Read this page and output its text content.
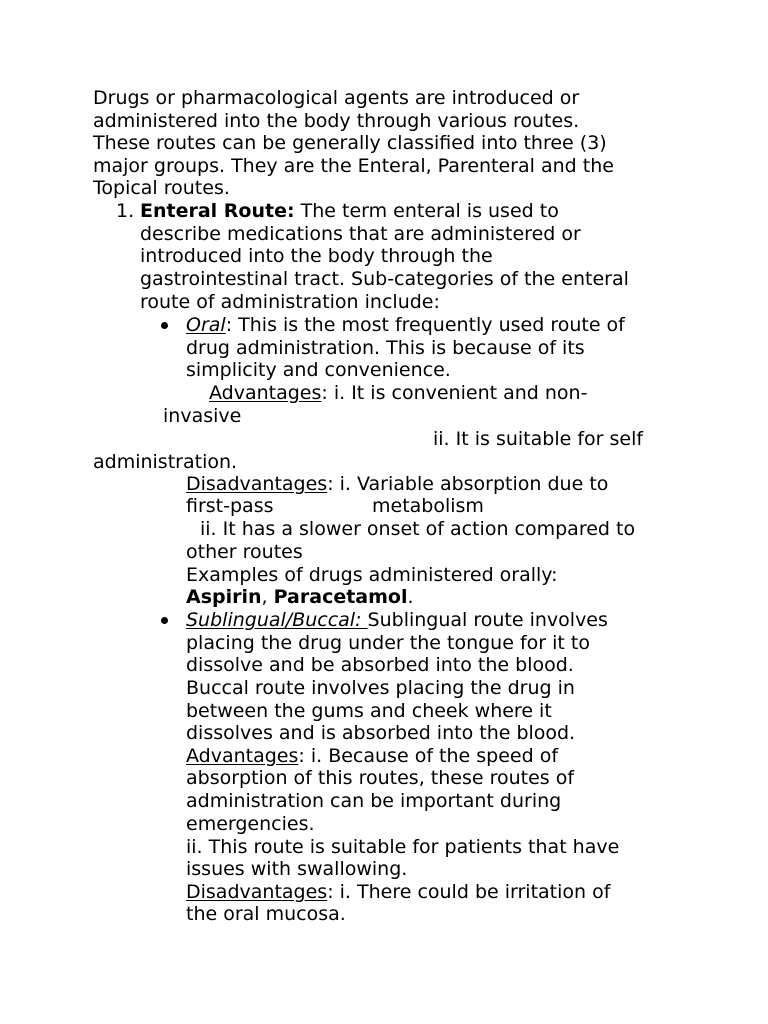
Drugs or pharmacological agents are introduced or
administered into the body through various routes.
These routes can be generally classified into three (3)
major groups. They are the Enteral, Parenteral and the
Topical routes.
1. Enteral Route: The term enteral is used to
describe medications that are administered or
introduced into the body through the
gastrointestinal tract. Sub-categories of the enteral
route of administration include:
Oral: This is the most frequently used route of
drug administration. This is because of its
simplicity and convenience.
Advantages: i. It is convenient and non-
invasive
ii. It is suitable for self
administration.
Disadvantages: i. Variable absorption due to
first-pass	metabolism
ii. It has a slower onset of action compared to
other routes
Examples of drugs administered orally:
Aspirin, Paracetamol.
Sublingual/Buccal: Sublingual route involves
placing the drug under the tongue for it to
dissolve and be absorbed into the blood.
Buccal route involves placing the drug in
between the gums and cheek where it
dissolves and is absorbed into the blood.
Advantages: i. Because of the speed of
absorption of this routes, these routes of
administration can be important during
emergencies.
ii. This route is suitable for patients that have
issues with swallowing.
Disadvantages: i. There could be irritation of
the oral mucosa.
